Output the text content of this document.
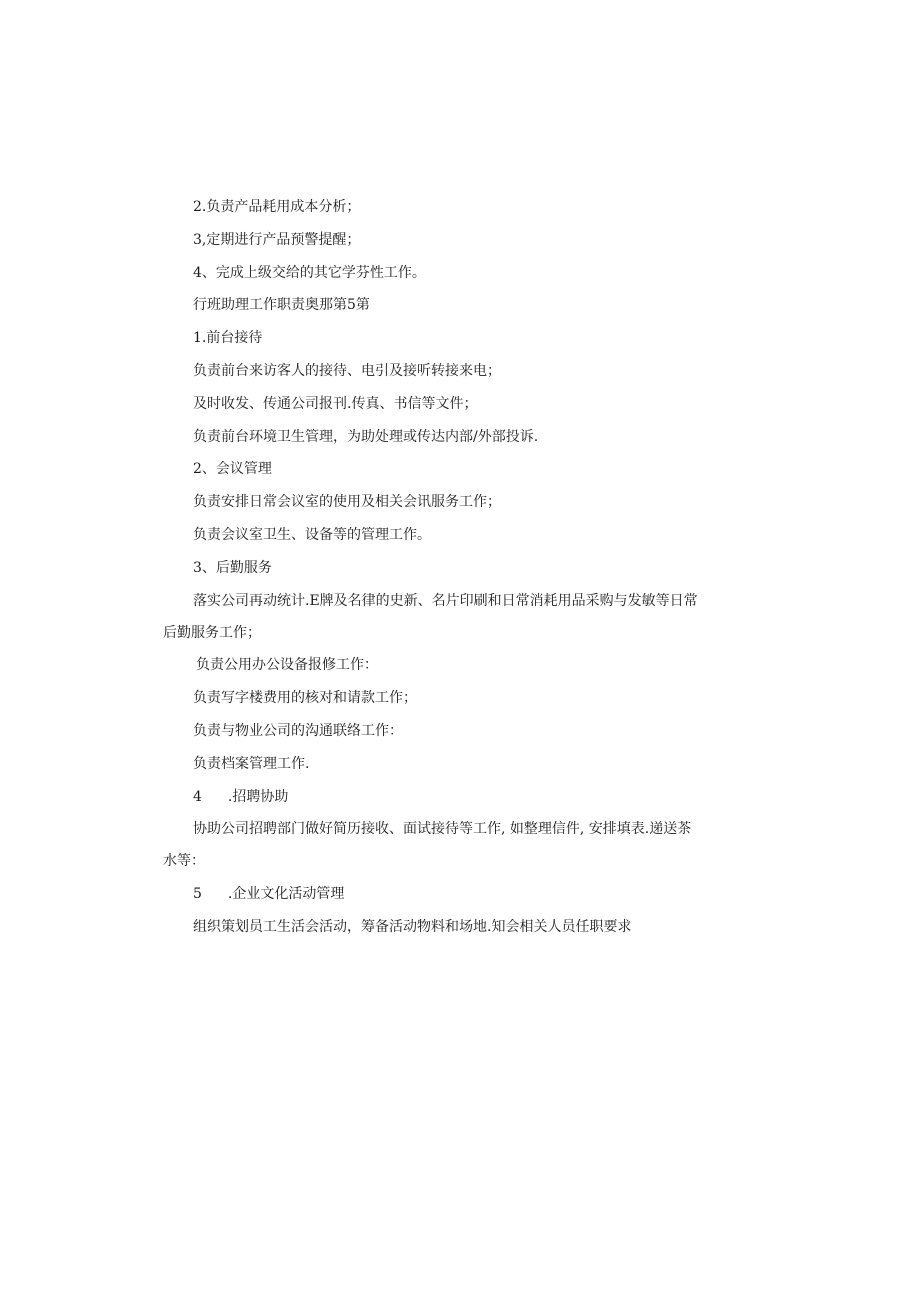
2.负责产品耗用成本分析；
3,定期进行产品预警提醒；
4、完成上级交给的其它学芬性工作。
行班助理工作职责奥那第5第
1.前台接待
负责前台来访客人的接待、电引及接听转接来电；
及时收发、传通公司报刊.传真、书信等文件；
负责前台环境卫生管理，为助处理或传达内部/外部投诉.
2、会议管理
负责安排日常会议室的使用及相关会讯服务工作；
负责会议室卫生、设备等的管理工作。
3、后勤服务
落实公司再动统计.E牌及名律的史新、名片印刷和日常消耗用品采购与发敏等日常
后勤服务工作；
负责公用办公设备报修工作：
负责写字楼费用的核对和请款工作；
负责与物业公司的沟通联络工作：
负责档案管理工作.
4 .招聘协助
协助公司招聘部门做好简历接收、面试接待等工作, 如整理信件, 安排填表.递送茶
水等：
5 .企业文化活动管理
组织策划员工生活会活动，筹备活动物料和场地.知会相关人员任职要求
